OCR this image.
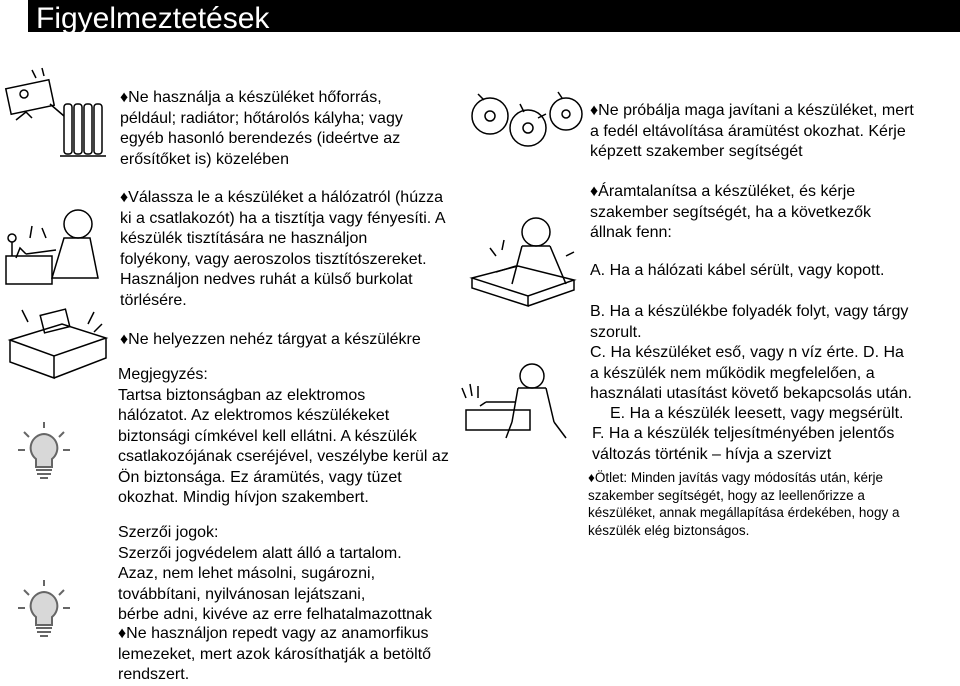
Figyelmeztetések
♦Ne használja a készüléket hőforrás,
például; radiátor; hőtárolós kályha; vagy
egyéb hasonló berendezés (ideértve az
erősítőket is) közelében
♦Válassza le a készüléket a hálózatról (húzza
ki a csatlakozót) ha a tisztítja vagy fényesíti. A
készülék tisztítására ne használjon
folyékony, vagy aeroszolos tisztítószereket.
Használjon nedves ruhát a külső burkolat
törlésére.
♦Ne helyezzen nehéz tárgyat a készülékre
Megjegyzés:
Tartsa biztonságban az elektromos
hálózatot. Az elektromos készülékeket
biztonsági címkével kell ellátni. A készülék
csatlakozójának cseréjével, veszélybe kerül az
Ön biztonsága. Ez áramütés, vagy tüzet
okozhat. Mindig hívjon szakembert.
Szerzői jogok:
Szerzői jogvédelem alatt álló a tartalom.
Azaz, nem lehet másolni, sugározni,
továbbítani, nyilvánosan lejátszani,
bérbe adni, kivéve az erre felhatalmazottnak
♦Ne használjon repedt vagy az anamorfikus
lemezeket, mert azok károsíthatják a betöltő
rendszert.
♦Ne próbálja maga javítani a készüléket, mert
a fedél eltávolítása áramütést okozhat. Kérje
képzett szakember segítségét
♦Áramtalanítsa a készüléket, és kérje
szakember segítségét, ha a következők
állnak fenn:
A. Ha a hálózati kábel sérült, vagy kopott.
B. Ha a készülékbe folyadék folyt, vagy tárgy
szorult.
C. Ha készüléket eső, vagy n víz érte. D. Ha
a készülék nem működik megfelelően, a
használati utasítást követő bekapcsolás után.
E. Ha a készülék leesett, vagy megsérült.
F. Ha a készülék teljesítményében jelentős
változás történik – hívja a szervizt
♦Ötlet: Minden javítás vagy módosítás után, kérje
szakember segítségét, hogy az leellenőrizze a
készüléket, annak megállapítása érdekében, hogy a
készülék elég biztonságos.
